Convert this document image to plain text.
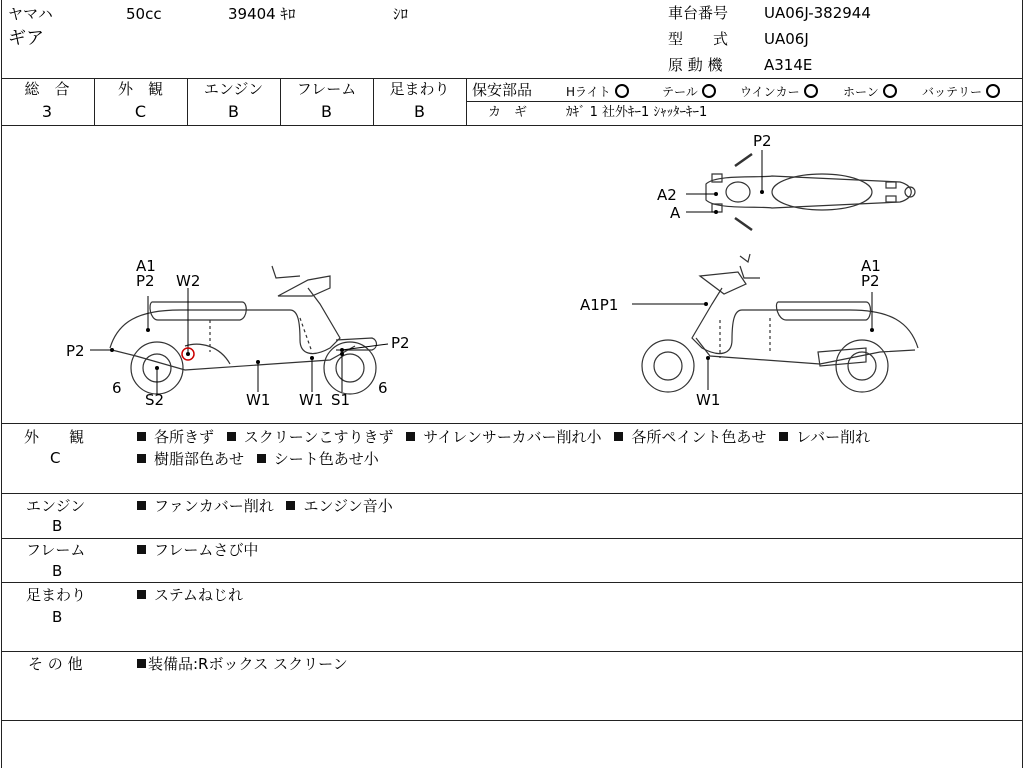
ヤマハ	50cc	39404 ｷﾛ	ｼﾛ
ギア
車台番号 UA06J-382944
型　　式 UA06J
原 動 機	A314E
総　合
3
外　観
C
エンジン
B
フレーム
B
足まわり
B
保安部品	Hライト	テール	ウインカー	ホーン	バッテリー
カ　ギ	ｶｷﾞ 1 社外ｷｰ1 ｼｬｯﾀｰｷｰ1
P2
A2
A
A1
P2 W2
P2	P2
6	6
S2	W1 W1 S1
A1P1
A1
P2
W1
外　　観
C
各所きず スクリーンこすりきず サイレンサーカバー削れ小 各所ペイント色あせ レバー削れ
樹脂部色あせ シート色あせ小
エンジン
B
ファンカバー削れ エンジン音小
フレーム
B
フレームさび中
足まわり
B
ステムねじれ
そ の 他	装備品:Rボックス スクリーン
